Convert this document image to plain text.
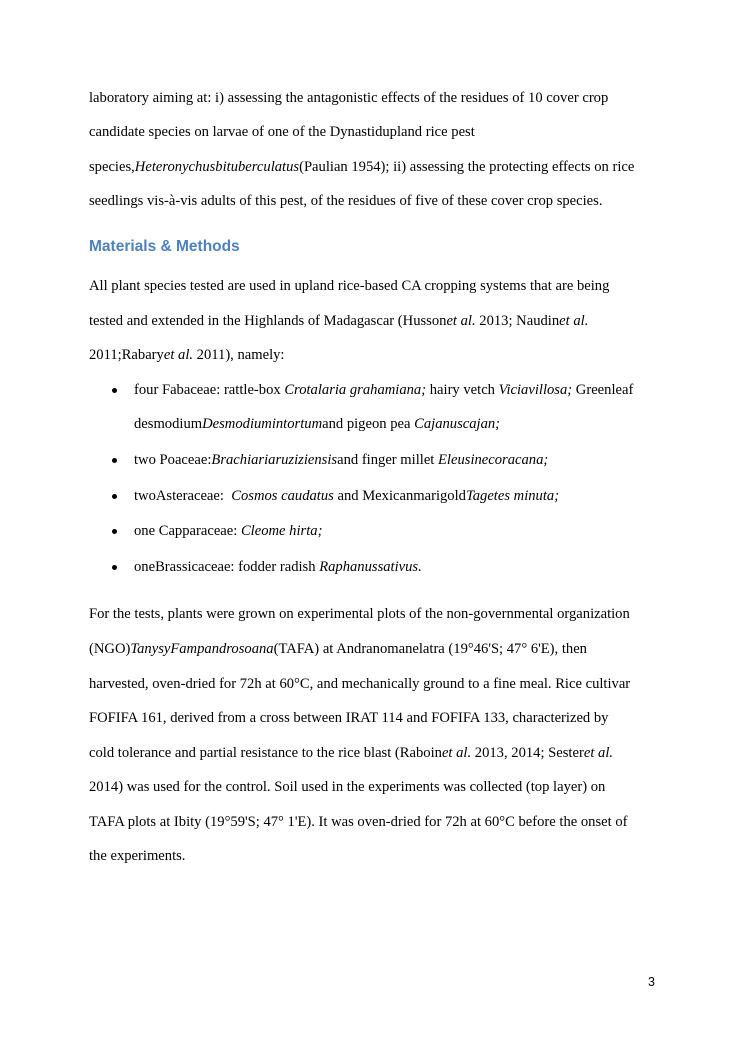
laboratory aiming at: i) assessing the antagonistic effects of the residues of 10 cover crop
candidate species on larvae of one of the Dynastidupland rice pest
species,Heteronychusbituberculatus(Paulian 1954); ii) assessing the protecting effects on rice
seedlings vis-à-vis adults of this pest, of the residues of five of these cover crop species.
Materials & Methods
All plant species tested are used in upland rice-based CA cropping systems that are being
tested and extended in the Highlands of Madagascar (Hussonet al. 2013; Naudinet al.
2011;Rabaryet al. 2011), namely:
four Fabaceae: rattle-box Crotalaria grahamiana; hairy vetch Viciavillosa; Greenleaf
desmodiumDesmodiumintortumand pigeon pea Cajanuscajan;
two Poaceae:Brachiariaruziziensisand finger millet Eleusinecoracana;
twoAsteraceae:  Cosmos caudatus and MexicanmarigoldTagetes minuta;
one Capparaceae: Cleome hirta;
oneBrassicaceae: fodder radish Raphanussativus.
For the tests, plants were grown on experimental plots of the non-governmental organization
(NGO)TanysyFampandrosoana(TAFA) at Andranomanelatra (19°46'S; 47° 6'E), then
harvested, oven-dried for 72h at 60°C, and mechanically ground to a fine meal. Rice cultivar
FOFIFA 161, derived from a cross between IRAT 114 and FOFIFA 133, characterized by
cold tolerance and partial resistance to the rice blast (Raboinet al. 2013, 2014; Sesteret al.
2014) was used for the control. Soil used in the experiments was collected (top layer) on
TAFA plots at Ibity (19°59'S; 47° 1'E). It was oven-dried for 72h at 60°C before the onset of
the experiments.
3
